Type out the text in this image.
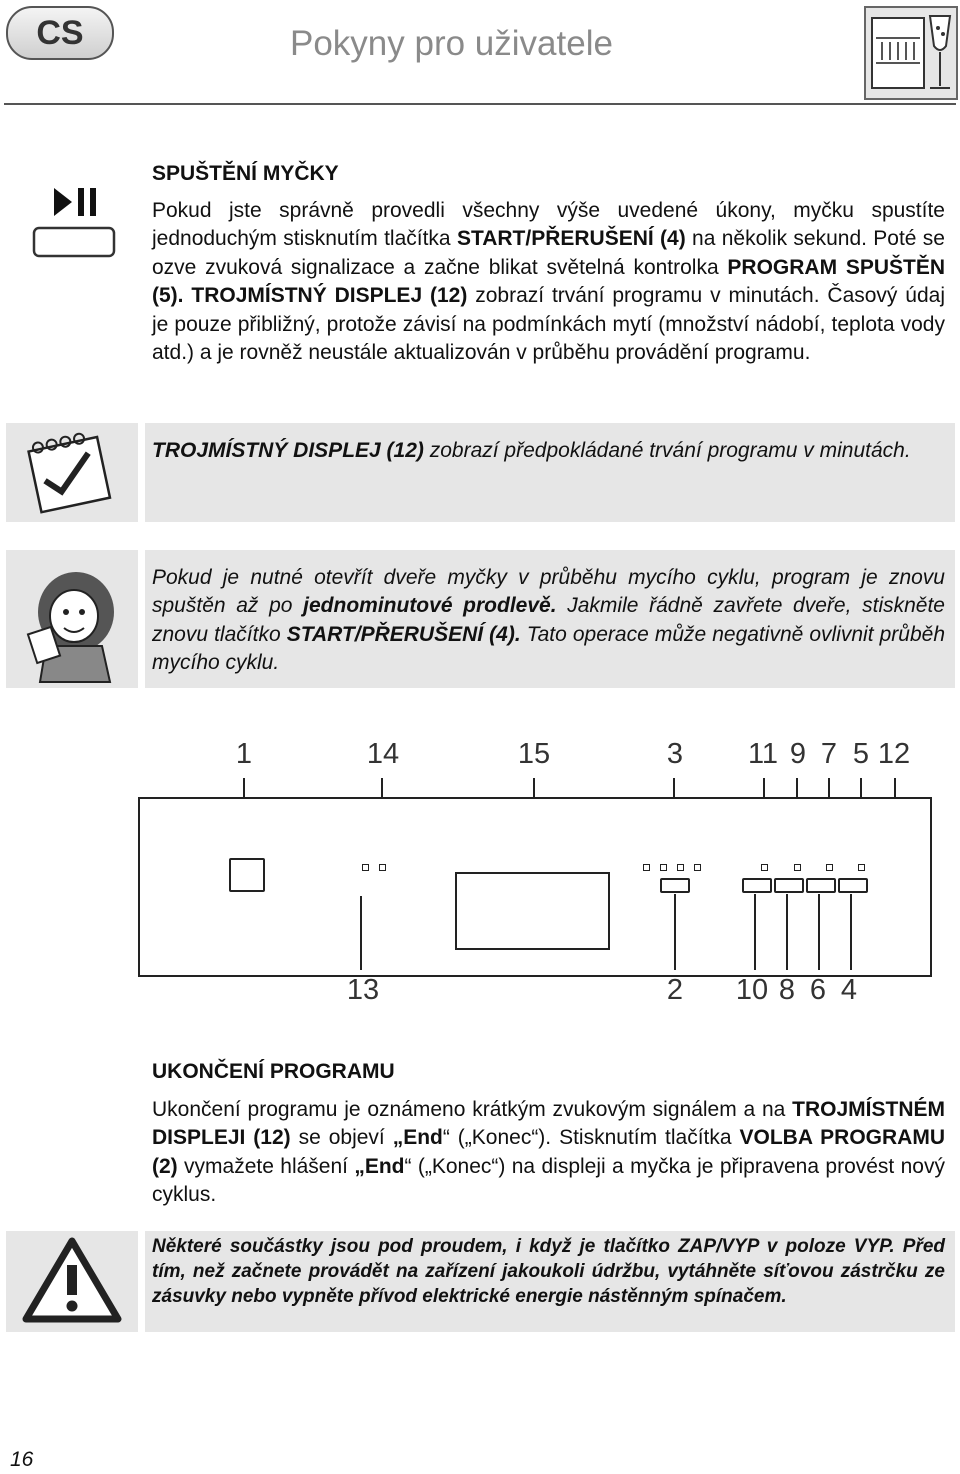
CS	Pokyny pro uživatele
SPUŠTĚNÍ MYČKY
Pokud jste správně provedli všechny výše uvedené úkony, myčku spustíte jednoduchým stisknutím tlačítka START/PŘERUŠENÍ (4) na několik sekund. Poté se ozve zvuková signalizace a začne blikat světelná kontrolka PROGRAM SPUŠTĚN (5). TROJMÍSTNÝ DISPLEJ (12) zobrazí trvání programu v minutách. Časový údaj je pouze přibližný, protože závisí na podmínkách mytí (množství nádobí, teplota vody atd.) a je rovněž neustále aktualizován v průběhu provádění programu.
TROJMÍSTNÝ DISPLEJ (12) zobrazí předpokládané trvání programu v minutách.
Pokud je nutné otevřít dveře myčky v průběhu mycího cyklu, program je znovu spuštěn až po jednominutové prodlevě. Jakmile řádně zavřete dveře, stiskněte znovu tlačítko START/PŘERUŠENÍ (4). Tato operace může negativně ovlivnit průběh mycího cyklu.
1	14	15	3 11 9 7 5 12
13	2 10 8 6 4
UKONČENÍ PROGRAMU
Ukončení programu je oznámeno krátkým zvukovým signálem a na TROJMÍSTNÉM DISPLEJI (12) se objeví „End“ („Konec“). Stisknutím tlačítka VOLBA PROGRAMU (2) vymažete hlášení „End“ („Konec“) na displeji a myčka je připravena provést nový cyklus.
Některé součástky jsou pod proudem, i když je tlačítko ZAP/VYP v poloze VYP. Před tím, než začnete provádět na zařízení jakoukoli údržbu, vytáhněte síťovou zástrčku ze zásuvky nebo vypněte přívod elektrické energie nástěnným spínačem.
16
